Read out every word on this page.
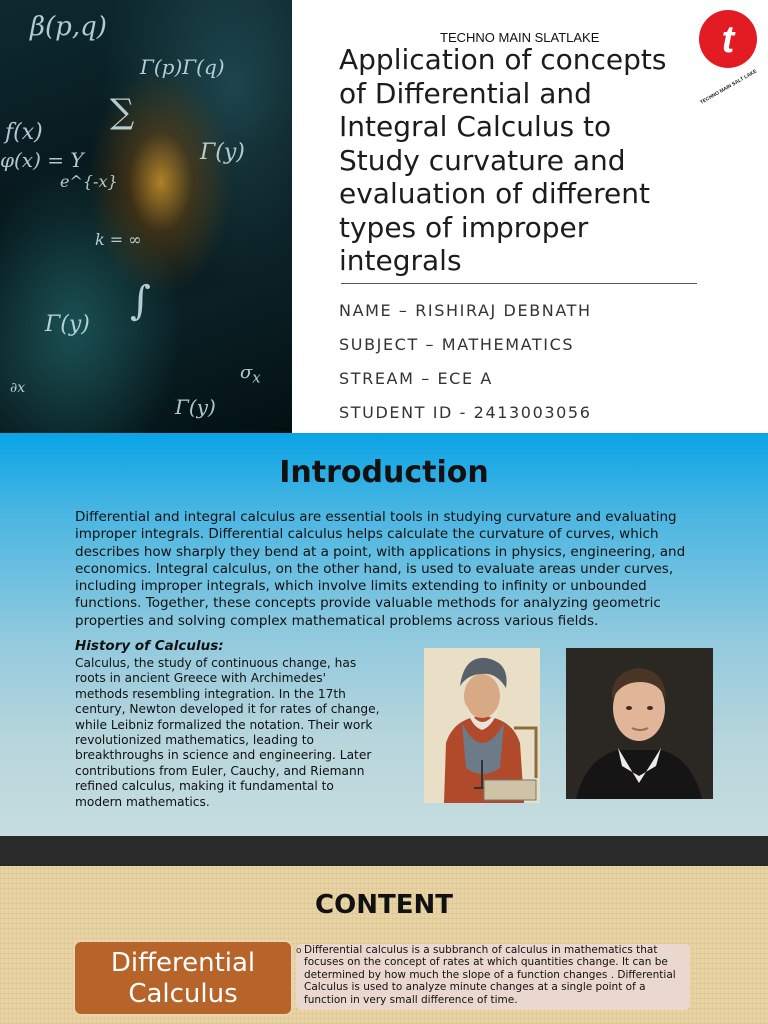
β(p,q)
Γ(p)Γ(q)
∑
f(x)
φ(x) = Y
e^{-x}
Γ(y)
k = ∞
∫
Γ(y)
$\sigma_x$
Γ(y)
∂x
TECHNO MAIN SLATLAKE	t
TECHNO MAIN SALT LAKE
Application of concepts of Differential and Integral Calculus to Study curvature and evaluation of different types of improper integrals

NAME – RISHIRAJ DEBNATH

SUBJECT – MATHEMATICS

STREAM – ECE A

STUDENT ID - 2413003056

Introduction

Differential and integral calculus are essential tools in studying curvature and evaluating improper integrals. Differential calculus helps calculate the curvature of curves, which describes how sharply they bend at a point, with applications in physics, engineering, and economics. Integral calculus, on the other hand, is used to evaluate areas under curves, including improper integrals, which involve limits extending to infinity or unbounded functions. Together, these concepts provide valuable methods for analyzing geometric properties and solving complex mathematical problems across various fields.

History of Calculus:

Calculus, the study of continuous change, has roots in ancient Greece with Archimedes' methods resembling integration. In the 17th century, Newton developed it for rates of change, while Leibniz formalized the notation. Their work revolutionized mathematics, leading to breakthroughs in science and engineering. Later contributions from Euler, Cauchy, and Riemann refined calculus, making it fundamental to modern mathematics.

CONTENT
Differential
Calculus
o Differential calculus is a subbranch of calculus in mathematics that focuses on the concept of rates at which quantities change. It can be determined by how much the slope of a function changes . Differential Calculus is used to analyze minute changes at a single point of a function in very small difference of time.
